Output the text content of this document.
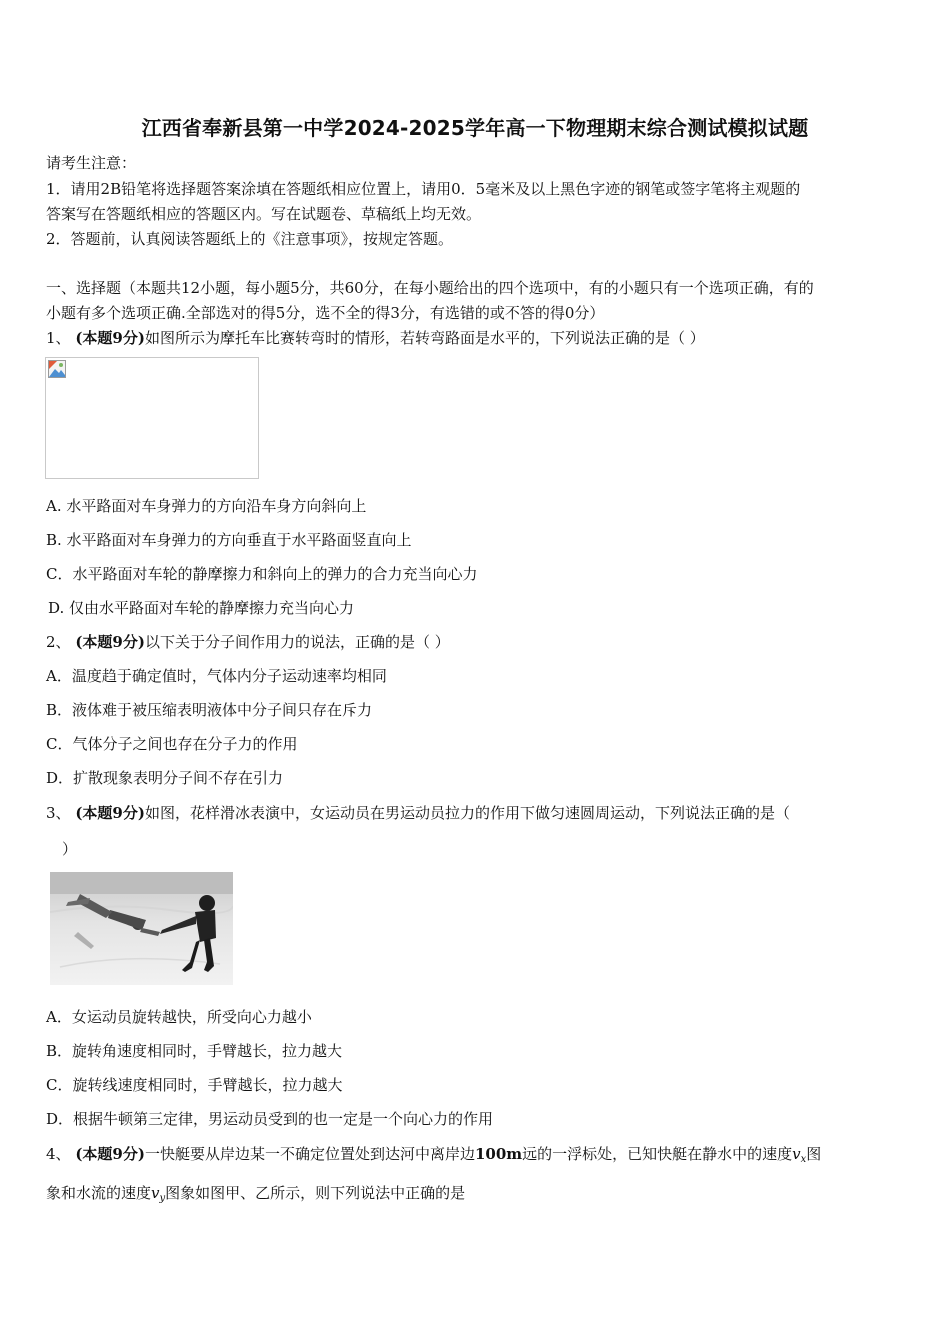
江西省奉新县第一中学2024-2025学年高一下物理期末综合测试模拟试题
请考生注意：
1．请用2B铅笔将选择题答案涂填在答题纸相应位置上，请用0．5毫米及以上黑色字迹的钢笔或签字笔将主观题的
答案写在答题纸相应的答题区内。写在试题卷、草稿纸上均无效。
2．答题前，认真阅读答题纸上的《注意事项》，按规定答题。
一、选择题（本题共12小题，每小题5分，共60分，在每小题给出的四个选项中，有的小题只有一个选项正确，有的
小题有多个选项正确.全部选对的得5分，选不全的得3分，有选错的或不答的得0分）
1、 (本题9分)如图所示为摩托车比赛转弯时的情形，若转弯路面是水平的，下列说法正确的是（ ）
A. 水平路面对车身弹力的方向沿车身方向斜向上
B. 水平路面对车身弹力的方向垂直于水平路面竖直向上
C．水平路面对车轮的静摩擦力和斜向上的弹力的合力充当向心力
D. 仅由水平路面对车轮的静摩擦力充当向心力
2、 (本题9分)以下关于分子间作用力的说法，正确的是（ ）
A．温度趋于确定值时，气体内分子运动速率均相同
B．液体难于被压缩表明液体中分子间只存在斥力
C．气体分子之间也存在分子力的作用
D．扩散现象表明分子间不存在引力
3、 (本题9分)如图，花样滑冰表演中，女运动员在男运动员拉力的作用下做匀速圆周运动，下列说法正确的是（
）
A．女运动员旋转越快，所受向心力越小
B．旋转角速度相同时，手臂越长，拉力越大
C．旋转线速度相同时，手臂越长，拉力越大
D．根据牛顿第三定律，男运动员受到的也一定是一个向心力的作用
4、 (本题9分)一快艇要从岸边某一不确定位置处到达河中离岸边100m远的一浮标处，已知快艇在静水中的速度$v_x$图
象和水流的速度$v_y$图象如图甲、乙所示，则下列说法中正确的是
